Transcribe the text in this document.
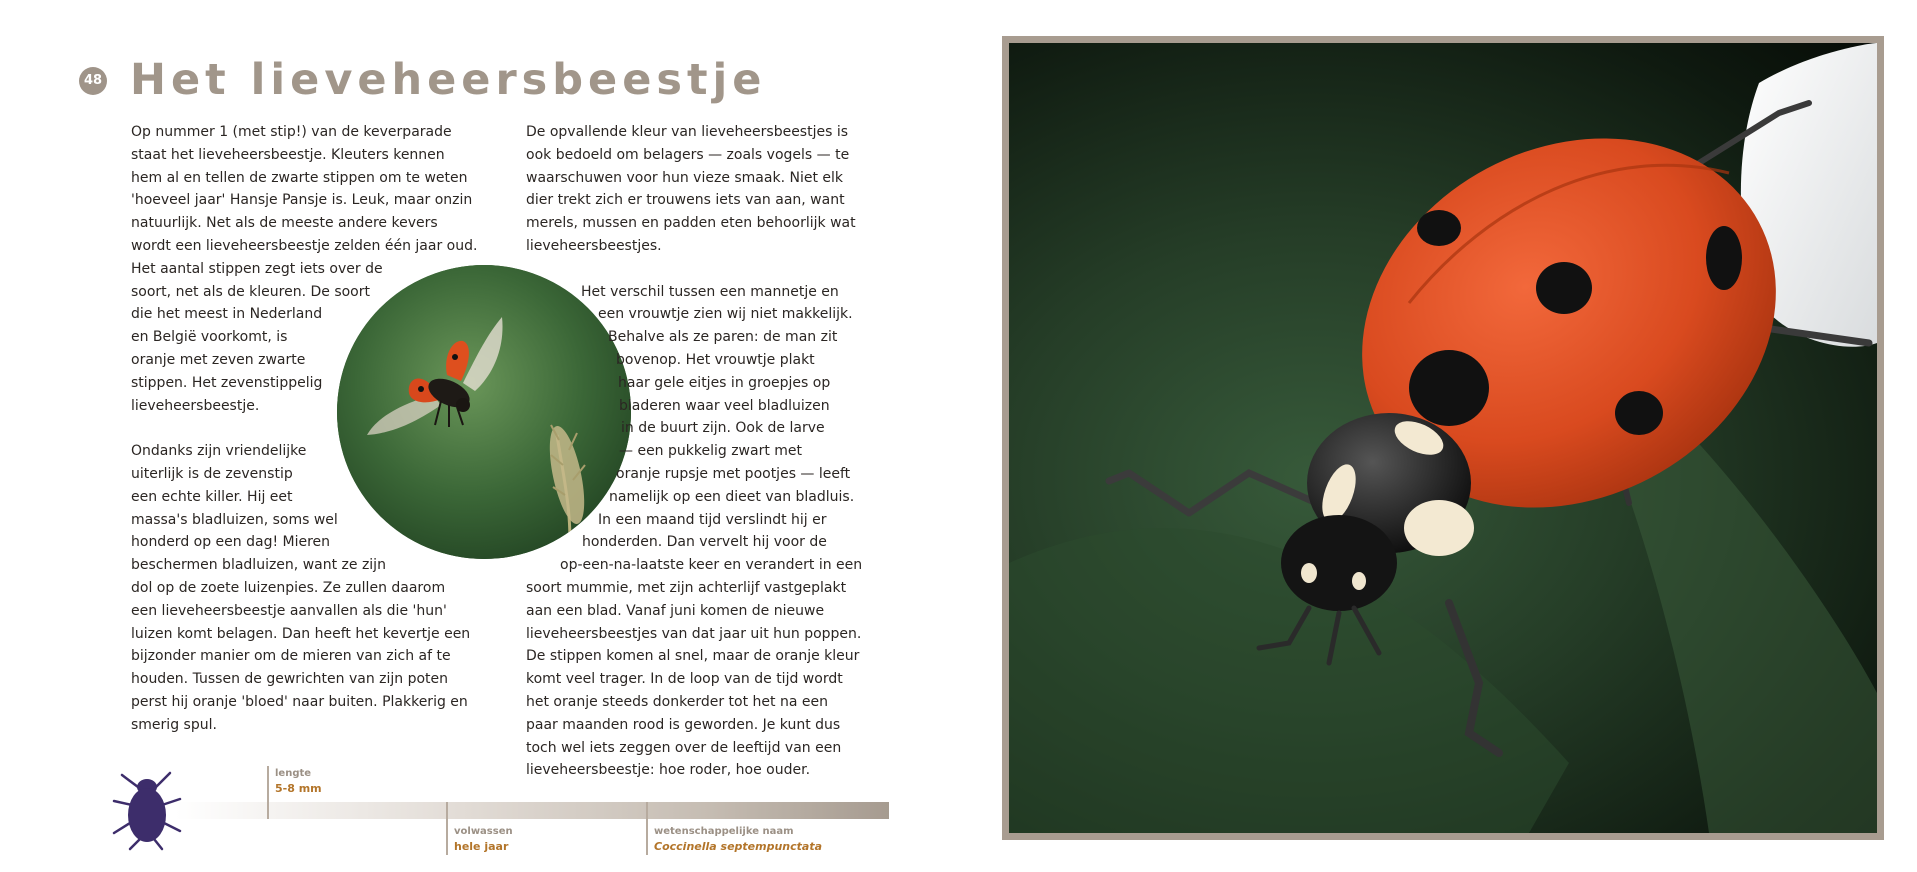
48 Het lieveheersbeestje
Op nummer 1 (met stip!) van de keverparade
staat het lieveheersbeestje. Kleuters kennen
hem al en tellen de zwarte stippen om te weten
'hoeveel jaar' Hansje Pansje is. Leuk, maar onzin
natuurlijk. Net als de meeste andere kevers
wordt een lieveheersbeestje zelden één jaar oud.
Het aantal stippen zegt iets over de
soort, net als de kleuren. De soort
die het meest in Nederland
en België voorkomt, is
oranje met zeven zwarte
stippen. Het zevenstippelig
lieveheersbeestje.
Ondanks zijn vriendelijke
uiterlijk is de zevenstip
een echte killer. Hij eet
massa's bladluizen, soms wel
honderd op een dag! Mieren
beschermen bladluizen, want ze zijn
dol op de zoete luizenpies. Ze zullen daarom
een lieveheersbeestje aanvallen als die 'hun'
luizen komt belagen. Dan heeft het kevertje een
bijzonder manier om de mieren van zich af te
houden. Tussen de gewrichten van zijn poten
perst hij oranje 'bloed' naar buiten. Plakkerig en
smerig spul.
De opvallende kleur van lieveheersbeestjes is
ook bedoeld om belagers — zoals vogels — te
waarschuwen voor hun vieze smaak. Niet elk
dier trekt zich er trouwens iets van aan, want
merels, mussen en padden eten behoorlijk wat
lieveheersbeestjes.
Het verschil tussen een mannetje en
een vrouwtje zien wij niet makkelijk.
Behalve als ze paren: de man zit
bovenop. Het vrouwtje plakt
haar gele eitjes in groepjes op
bladeren waar veel bladluizen
in de buurt zijn. Ook de larve
— een pukkelig zwart met
oranje rupsje met pootjes — leeft
namelijk op een dieet van bladluis.
In een maand tijd verslindt hij er
honderden. Dan vervelt hij voor de
op-een-na-laatste keer en verandert in een
soort mummie, met zijn achterlijf vastgeplakt
aan een blad. Vanaf juni komen de nieuwe
lieveheersbeestjes van dat jaar uit hun poppen.
De stippen komen al snel, maar de oranje kleur
komt veel trager. In de loop van de tijd wordt
het oranje steeds donkerder tot het na een
paar maanden rood is geworden. Je kunt dus
toch wel iets zeggen over de leeftijd van een
lieveheersbeestje: hoe roder, hoe ouder.
lengte
5-8 mm
volwassen
hele jaar
wetenschappelijke naam
Coccinella septempunctata
